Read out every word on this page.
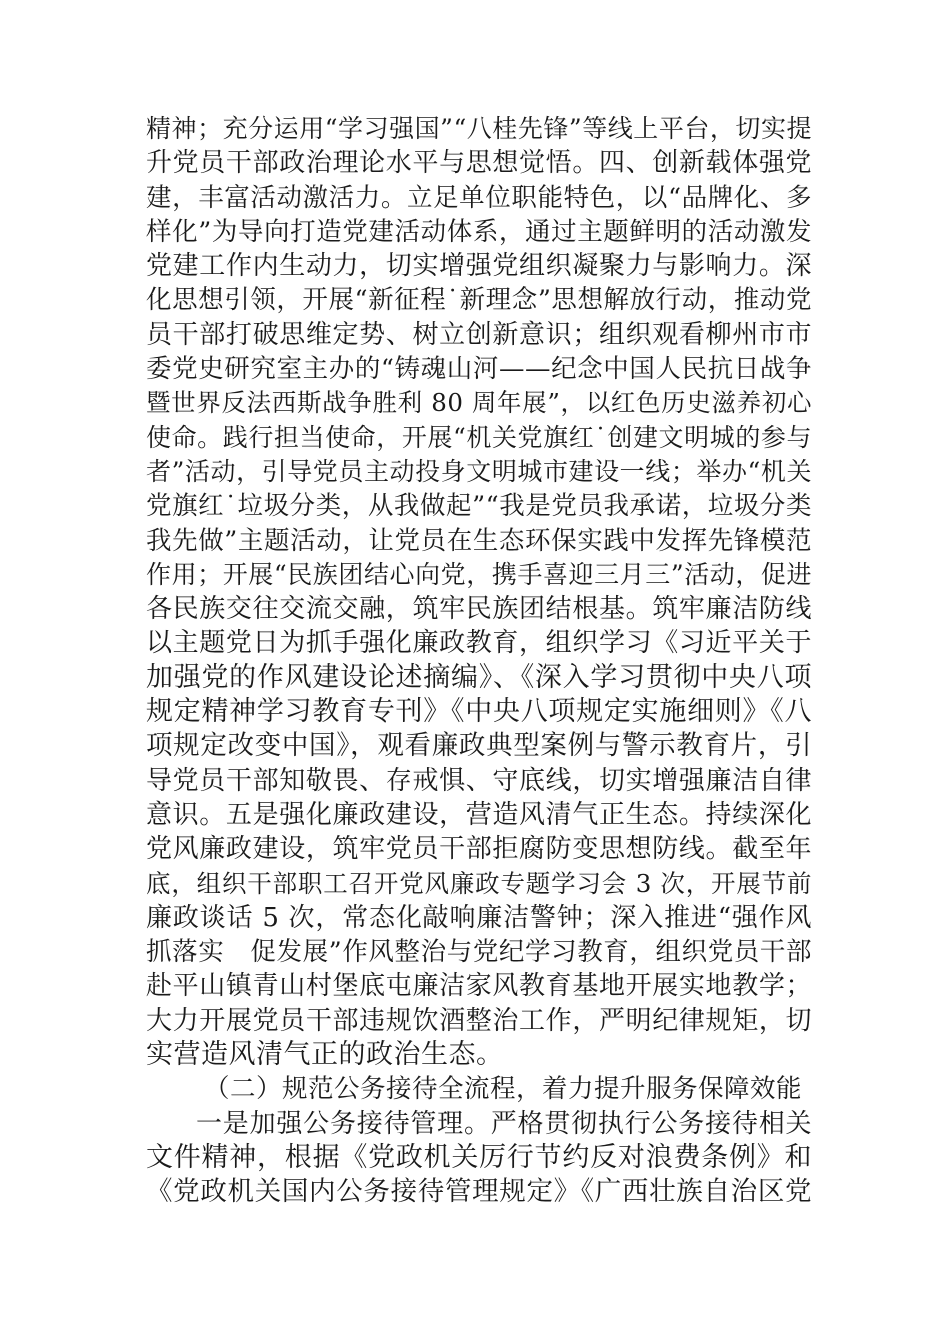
精神；充分运用“学习强国”“八桂先锋”等线上平台，切实提
升党员干部政治理论水平与思想觉悟。四、创新载体强党
建，丰富活动激活力。立足单位职能特色，以“品牌化、多
样化”为导向打造党建活动体系，通过主题鲜明的活动激发
党建工作内生动力，切实增强党组织凝聚力与影响力。深
化思想引领，开展“新征程˙新理念”思想解放行动，推动党
员干部打破思维定势、树立创新意识；组织观看柳州市市
委党史研究室主办的“铸魂山河——纪念中国人民抗日战争
暨世界反法西斯战争胜利 80 周年展”，以红色历史滋养初心
使命。践行担当使命，开展“机关党旗红˙创建文明城的参与
者”活动，引导党员主动投身文明城市建设一线；举办“机关
党旗红˙垃圾分类，从我做起”“我是党员我承诺，垃圾分类
我先做”主题活动，让党员在生态环保实践中发挥先锋模范
作用；开展“民族团结心向党，携手喜迎三月三”活动，促进
各民族交往交流交融，筑牢民族团结根基。筑牢廉洁防线
以主题党日为抓手强化廉政教育，组织学习《习近平关于
加强党的作风建设论述摘编》、《深入学习贯彻中央八项
规定精神学习教育专刊》《中央八项规定实施细则》《八
项规定改变中国》，观看廉政典型案例与警示教育片，引
导党员干部知敬畏、存戒惧、守底线，切实增强廉洁自律
意识。五是强化廉政建设，营造风清气正生态。持续深化
党风廉政建设，筑牢党员干部拒腐防变思想防线。截至年
底，组织干部职工召开党风廉政专题学习会 3 次，开展节前
廉政谈话 5 次，常态化敲响廉洁警钟；深入推进“强作风
抓落实　促发展”作风整治与党纪学习教育，组织党员干部
赴平山镇青山村堡底屯廉洁家风教育基地开展实地教学；
大力开展党员干部违规饮酒整治工作，严明纪律规矩，切
实营造风清气正的政治生态。
（二）规范公务接待全流程，着力提升服务保障效能
一是加强公务接待管理。严格贯彻执行公务接待相关
文件精神，根据《党政机关厉行节约反对浪费条例》和
《党政机关国内公务接待管理规定》《广西壮族自治区党
